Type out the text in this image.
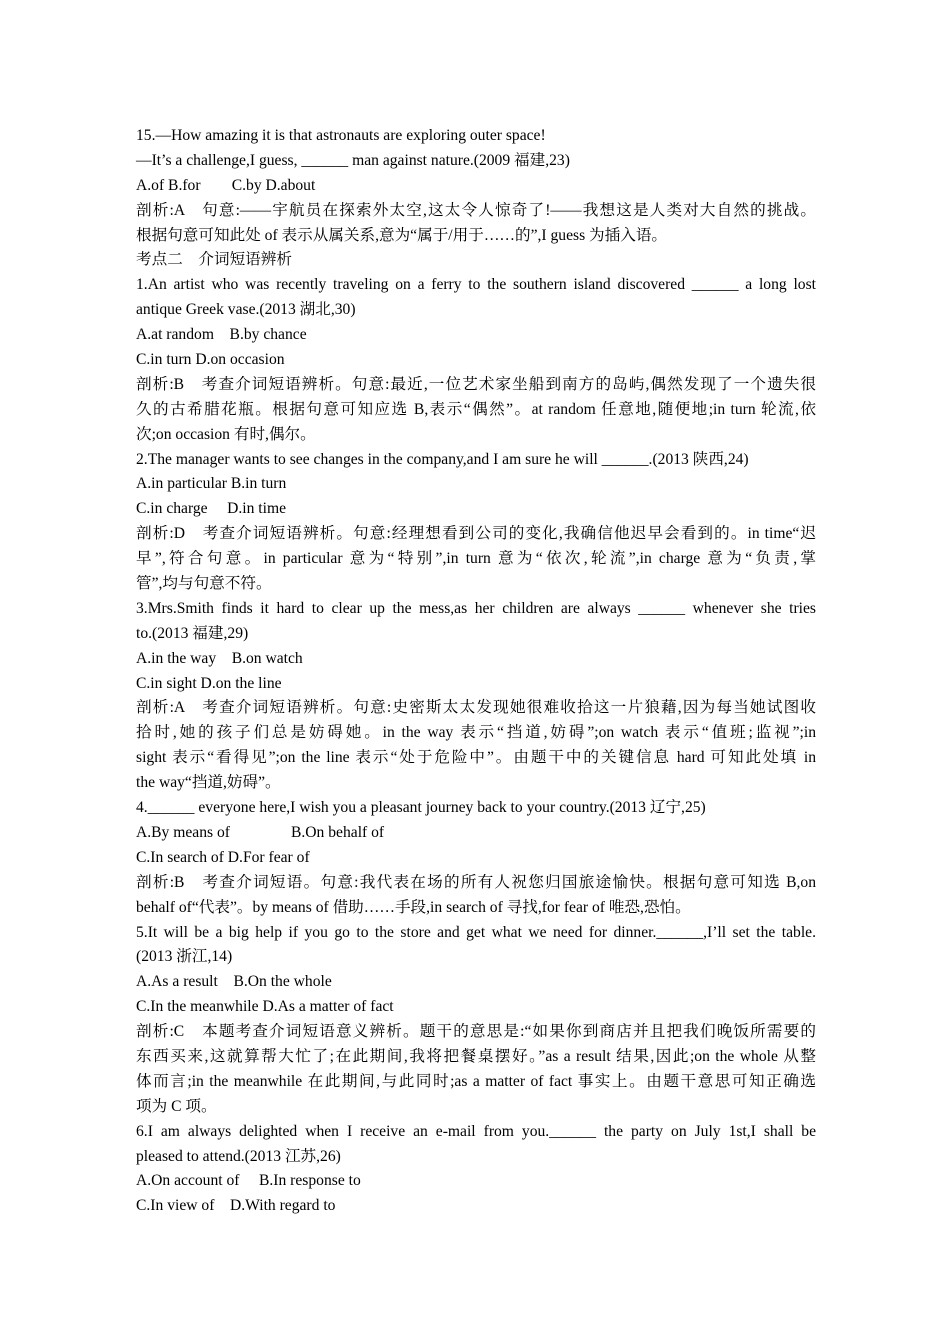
15.—How amazing it is that astronauts are exploring outer space!
—It’s a challenge,I guess, ______ man against nature.(2009 福建,23)
A.of B.for　　C.by D.about
剖析:A　句意:——宇航员在探索外太空,这太令人惊奇了!——我想这是人类对大自然的挑战。
根据句意可知此处 of 表示从属关系,意为“属于/用于……的”,I guess 为插入语。
考点二　介词短语辨析
1.An artist who was recently traveling on a ferry to the southern island discovered ______ a long lost
antique Greek vase.(2013 湖北,30)
A.at random　B.by chance
C.in turn D.on occasion
剖析:B　考查介词短语辨析。句意:最近,一位艺术家坐船到南方的岛屿,偶然发现了一个遗失很
久的古希腊花瓶。根据句意可知应选 B,表示“偶然”。at random 任意地,随便地;in turn 轮流,依
次;on occasion 有时,偶尔。
2.The manager wants to see changes in the company,and I am sure he will ______.(2013 陕西,24)
A.in particular B.in turn
C.in charge　 D.in time
剖析:D　考查介词短语辨析。句意:经理想看到公司的变化,我确信他迟早会看到的。in time“迟
早”,符合句意。in particular 意为“特别”,in turn 意为“依次,轮流”,in charge 意为“负责,掌
管”,均与句意不符。
3.Mrs.Smith finds it hard to clear up the mess,as her children are always ______ whenever she tries
to.(2013 福建,29)
A.in the way　B.on watch
C.in sight D.on the line
剖析:A　考查介词短语辨析。句意:史密斯太太发现她很难收拾这一片狼藉,因为每当她试图收
拾时,她的孩子们总是妨碍她。in the way 表示“挡道,妨碍”;on watch 表示“值班;监视”;in
sight 表示“看得见”;on the line 表示“处于危险中”。由题干中的关键信息 hard 可知此处填 in
the way“挡道,妨碍”。
4.______ everyone here,I wish you a pleasant journey back to your country.(2013 辽宁,25)
A.By means of	B.On behalf of
C.In search of D.For fear of
剖析:B　考查介词短语。句意:我代表在场的所有人祝您归国旅途愉快。根据句意可知选 B,on
behalf of“代表”。by means of 借助……手段,in search of 寻找,for fear of 唯恐,恐怕。
5.It will be a big help if you go to the store and get what we need for dinner.______,I’ll set the table.
(2013 浙江,14)
A.As a result　B.On the whole
C.In the meanwhile D.As a matter of fact
剖析:C　本题考查介词短语意义辨析。题干的意思是:“如果你到商店并且把我们晚饭所需要的
东西买来,这就算帮大忙了;在此期间,我将把餐桌摆好。”as a result 结果,因此;on the whole 从整
体而言;in the meanwhile 在此期间,与此同时;as a matter of fact 事实上。由题干意思可知正确选
项为 C 项。
6.I am always delighted when I receive an e-mail from you.______ the party on July 1st,I shall be
pleased to attend.(2013 江苏,26)
A.On account of　 B.In response to
C.In view of　D.With regard to
